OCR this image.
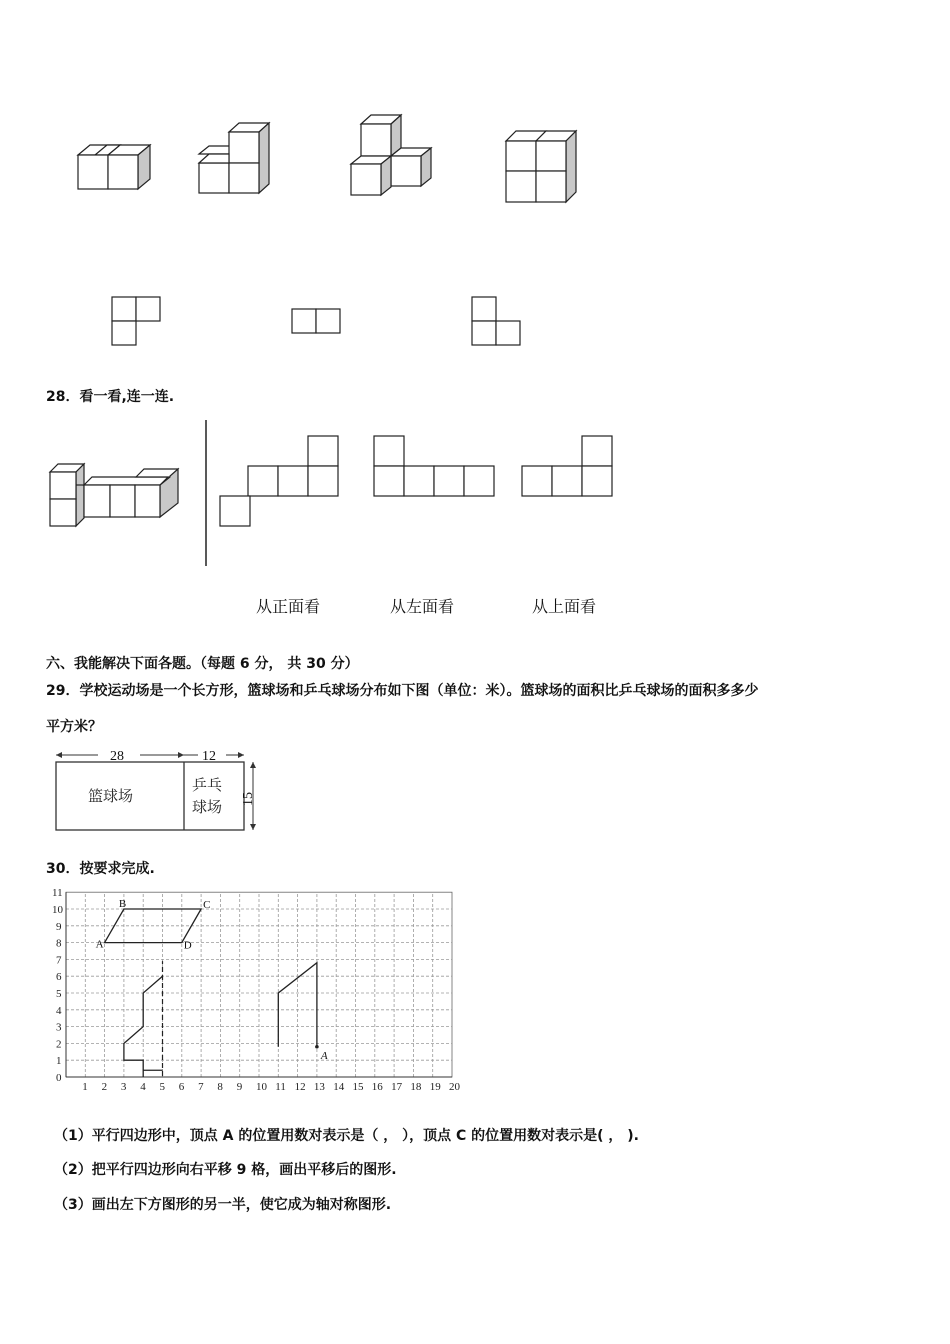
28．看一看,连一连.
从正面看	从左面看	从上面看
六、我能解决下面各题。（每题 6 分， 共 30 分）
29．学校运动场是一个长方形，篮球场和乒乓球场分布如下图（单位：米）。篮球场的面积比乒乓球场的面积多多少
平方米？
28	12
15
篮球场
乒乓
球场
30．按要求完成.
1 2 3 4 5 6 7 8 9 10 11 12 13 14 15 16 17 18 19 20
0
1
2
3
4
5
6
7
8
9
10
11
A
B	C
D
A
（1）平行四边形中，顶点 A 的位置用数对表示是（ ， ），顶点 C 的位置用数对表示是( ， ).
（2）把平行四边形向右平移 9 格，画出平移后的图形.
（3）画出左下方图形的另一半，使它成为轴对称图形.
